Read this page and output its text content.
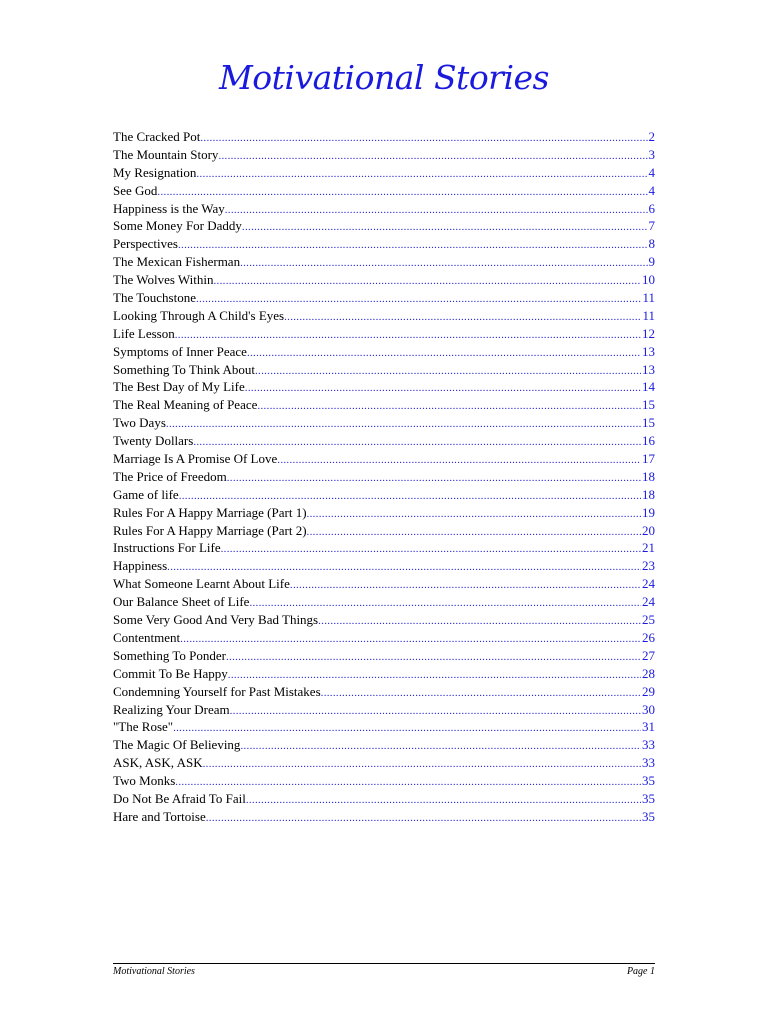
Motivational Stories
The Cracked Pot .....	2
The Mountain Story .....	3
My Resignation .....	4
See God .....	4
Happiness is the Way .....	6
Some Money For Daddy .....	7
Perspectives .....	8
The Mexican Fisherman .....	9
The Wolves Within .....	10
The Touchstone .....	11
Looking Through A Child's Eyes .....	11
Life Lesson .....	12
Symptoms of Inner Peace .....	13
Something To Think About .....	13
The Best Day of My Life .....	14
The Real Meaning of Peace .....	15
Two Days .....	15
Twenty Dollars .....	16
Marriage Is A Promise Of Love .....	17
The Price of Freedom .....	18
Game of life .....	18
Rules For A Happy Marriage (Part 1) .....	19
Rules For A Happy Marriage (Part 2) .....	20
Instructions For Life .....	21
Happiness .....	23
What Someone Learnt About Life .....	24
Our Balance Sheet of Life .....	24
Some Very Good And Very Bad Things .....	25
Contentment .....	26
Something To Ponder .....	27
Commit To Be Happy .....	28
Condemning Yourself for Past Mistakes .....	29
Realizing Your Dream .....	30
"The Rose" .....	31
The Magic Of Believing .....	33
ASK, ASK, ASK .....	33
Two Monks .....	35
Do Not Be Afraid To Fail .....	35
Hare and Tortoise .....	35
Motivational Stories	Page 1
